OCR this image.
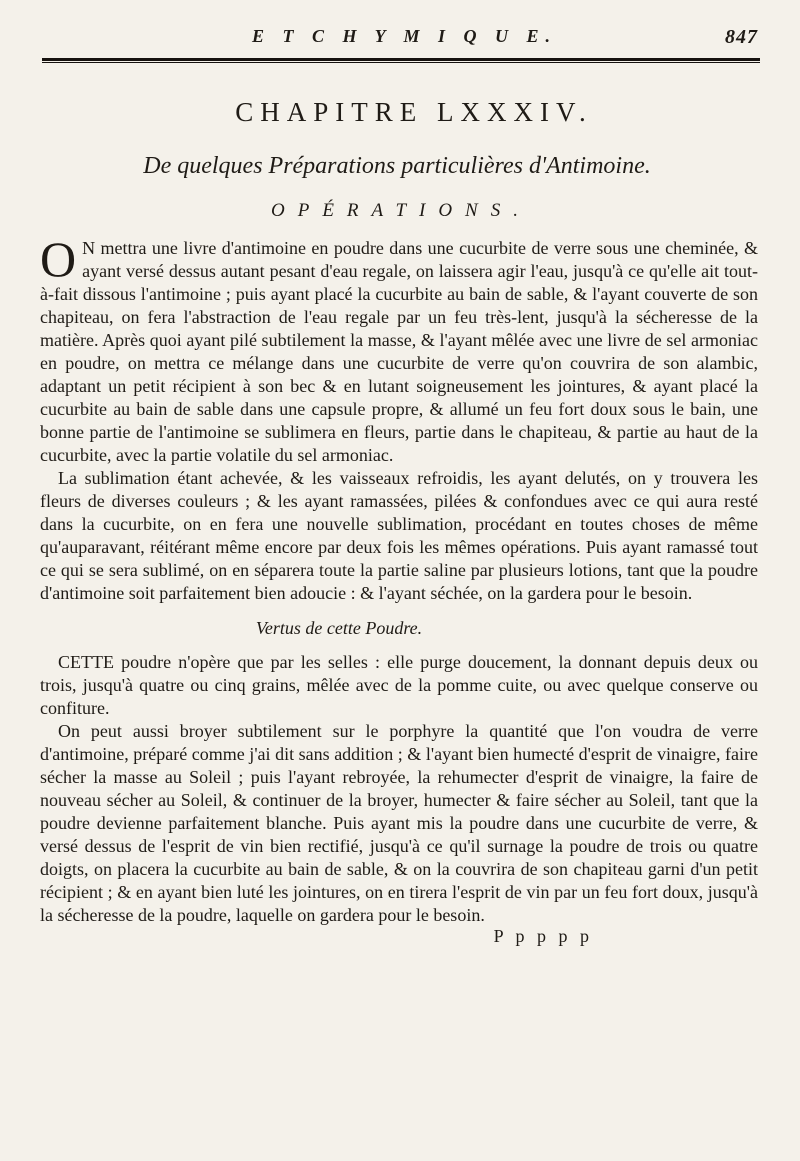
E T C H Y M I Q U E.	847
CHAPITRE LXXXIV.
De quelques Préparations particulières d'Antimoine.
OPÉRATIONS.

O N mettra une livre d'antimoine en poudre dans une cucurbite de verre sous une cheminée, & ayant versé dessus autant pesant d'eau regale, on laissera agir l'eau, jusqu'à ce qu'elle ait tout-à-fait dissous l'antimoine ; puis ayant placé la cucurbite au bain de sable, & l'ayant couverte de son chapiteau, on fera l'abstraction de l'eau regale par un feu très-lent, jusqu'à la sécheresse de la matière. Après quoi ayant pilé subtilement la masse, & l'ayant mêlée avec une livre de sel armoniac en poudre, on mettra ce mélange dans une cucurbite de verre qu'on couvrira de son alambic, adaptant un petit récipient à son bec & en lutant soigneusement les jointures, & ayant placé la cucurbite au bain de sable dans une capsule propre, & allumé un feu fort doux sous le bain, une bonne partie de l'antimoine se sublimera en fleurs, partie dans le chapiteau, & partie au haut de la cucurbite, avec la partie volatile du sel armoniac.

La sublimation étant achevée, & les vaisseaux refroidis, les ayant delutés, on y trouvera les fleurs de diverses couleurs ; & les ayant ramassées, pilées & confondues avec ce qui aura resté dans la cucurbite, on en fera une nouvelle sublimation, procédant en toutes choses de même qu'auparavant, réitérant même encore par deux fois les mêmes opérations. Puis ayant ramassé tout ce qui se sera sublimé, on en séparera toute la partie saline par plusieurs lotions, tant que la poudre d'antimoine soit parfaitement bien adoucie : & l'ayant séchée, on la gardera pour le besoin.

Vertus de cette Poudre.

CETTE poudre n'opère que par les selles : elle purge doucement, la donnant depuis deux ou trois, jusqu'à quatre ou cinq grains, mêlée avec de la pomme cuite, ou avec quelque conserve ou confiture.

On peut aussi broyer subtilement sur le porphyre la quantité que l'on voudra de verre d'antimoine, préparé comme j'ai dit sans addition ; & l'ayant bien humecté d'esprit de vinaigre, faire sécher la masse au Soleil ; puis l'ayant rebroyée, la rehumecter d'esprit de vinaigre, la faire de nouveau sécher au Soleil, & continuer de la broyer, humecter & faire sécher au Soleil, tant que la poudre devienne parfaitement blanche. Puis ayant mis la poudre dans une cucurbite de verre, & versé dessus de l'esprit de vin bien rectifié, jusqu'à ce qu'il surnage la poudre de trois ou quatre doigts, on placera la cucurbite au bain de sable, & on la couvrira de son chapiteau garni d'un petit récipient ; & en ayant bien luté les jointures, on en tirera l'esprit de vin par un feu fort doux, jusqu'à la sécheresse de la poudre, laquelle on gardera pour le besoin.

P p p p p
